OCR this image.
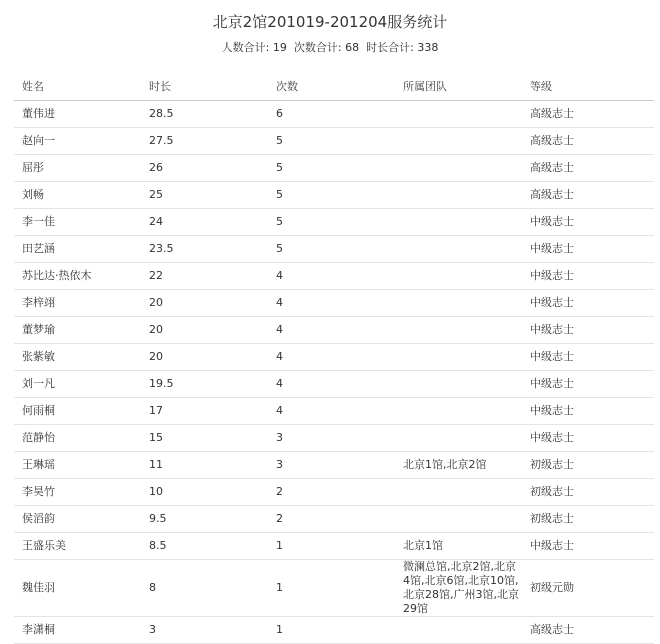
北京2馆201019-201204服务统计
人数合计: 19 次数合计: 68 时长合计: 338
姓名	时长	次数	所属团队	等级
董伟进	28.5	6		高级志士
赵向一	27.5	5		高级志士
屈彤	26	5		高级志士
刘畅	25	5		高级志士
李一佳	24	5		中级志士
田艺涵	23.5	5		中级志士
苏比达·热依木	22	4		中级志士
李梓翊	20	4		中级志士
董梦瑜	20	4		中级志士
张紫敏	20	4		中级志士
刘一凡	19.5	4		中级志士
何雨桐	17	4		中级志士
范静怡	15	3		中级志士
王琳瑶	11	3	北京1馆,北京2馆	初级志士
李昊竹	10	2		初级志士
侯滔韵	9.5	2		初级志士
王盛乐美	8.5	1	北京1馆	中级志士
魏佳羽	8	1	微澜总馆,北京2馆,北京4馆,北京6馆,北京10馆,北京28馆,广州3馆,北京29馆	初级元勋
李潇桐	3	1		高级志士
